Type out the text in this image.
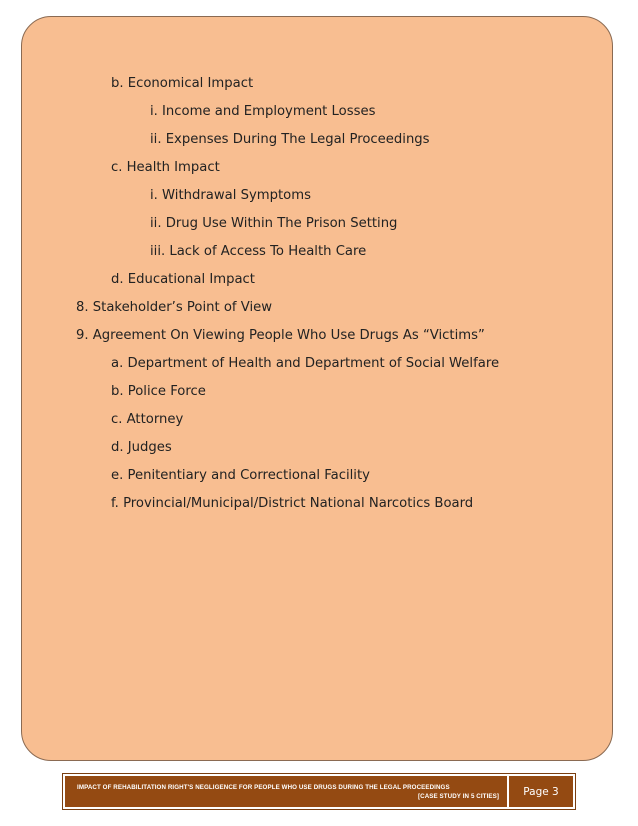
b. Economical Impact
i. Income and Employment Losses
ii. Expenses During The Legal Proceedings
c. Health Impact
i. Withdrawal Symptoms
ii. Drug Use Within The Prison Setting
iii. Lack of Access To Health Care
d. Educational Impact
8. Stakeholder’s Point of View
9. Agreement On Viewing People Who Use Drugs As “Victims”
a. Department of Health and Department of Social Welfare
b. Police Force
c. Attorney
d. Judges
e. Penitentiary and Correctional Facility
f. Provincial/Municipal/District National Narcotics Board
IMPACT OF REHABILITATION RIGHT'S NEGLIGENCE FOR PEOPLE WHO USE DRUGS DURING THE LEGAL PROCEEDINGS
[CASE STUDY IN 5 CITIES]	Page 3
